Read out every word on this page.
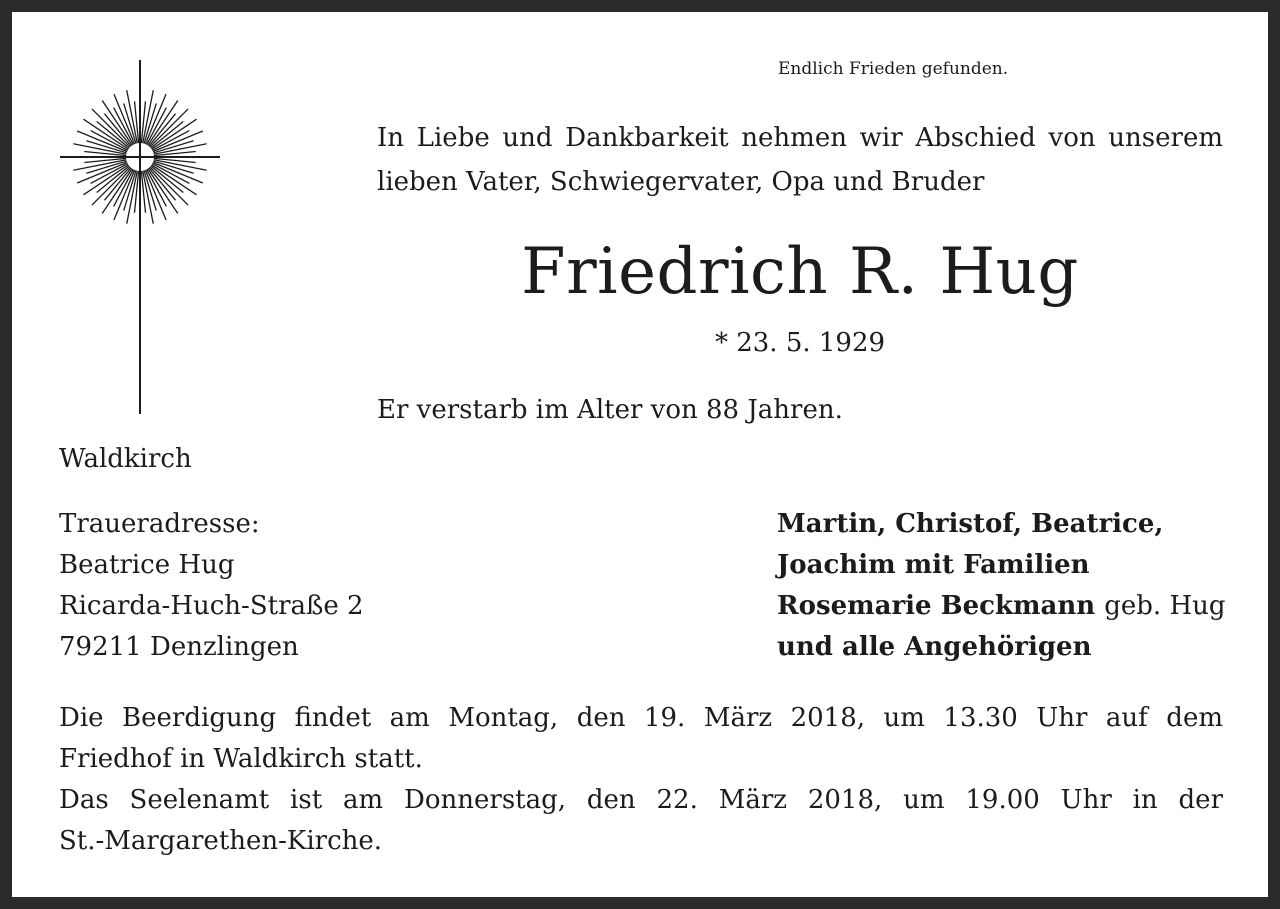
Endlich Frieden gefunden.
In Liebe und Dankbarkeit nehmen wir Abschied von unserem
lieben Vater, Schwiegervater, Opa und Bruder
Friedrich R. Hug
* 23. 5. 1929
Er verstarb im Alter von 88 Jahren.
Waldkirch
Traueradresse:
Beatrice Hug
Ricarda-Huch-Straße 2
79211 Denzlingen
Martin, Christof, Beatrice,
Joachim mit Familien
Rosemarie Beckmann geb. Hug
und alle Angehörigen
Die Beerdigung findet am Montag, den 19. März 2018, um 13.30 Uhr auf dem
Friedhof in Waldkirch statt.
Das Seelenamt ist am Donnerstag, den 22. März 2018, um 19.00 Uhr in der
St.-Margarethen-Kirche.
